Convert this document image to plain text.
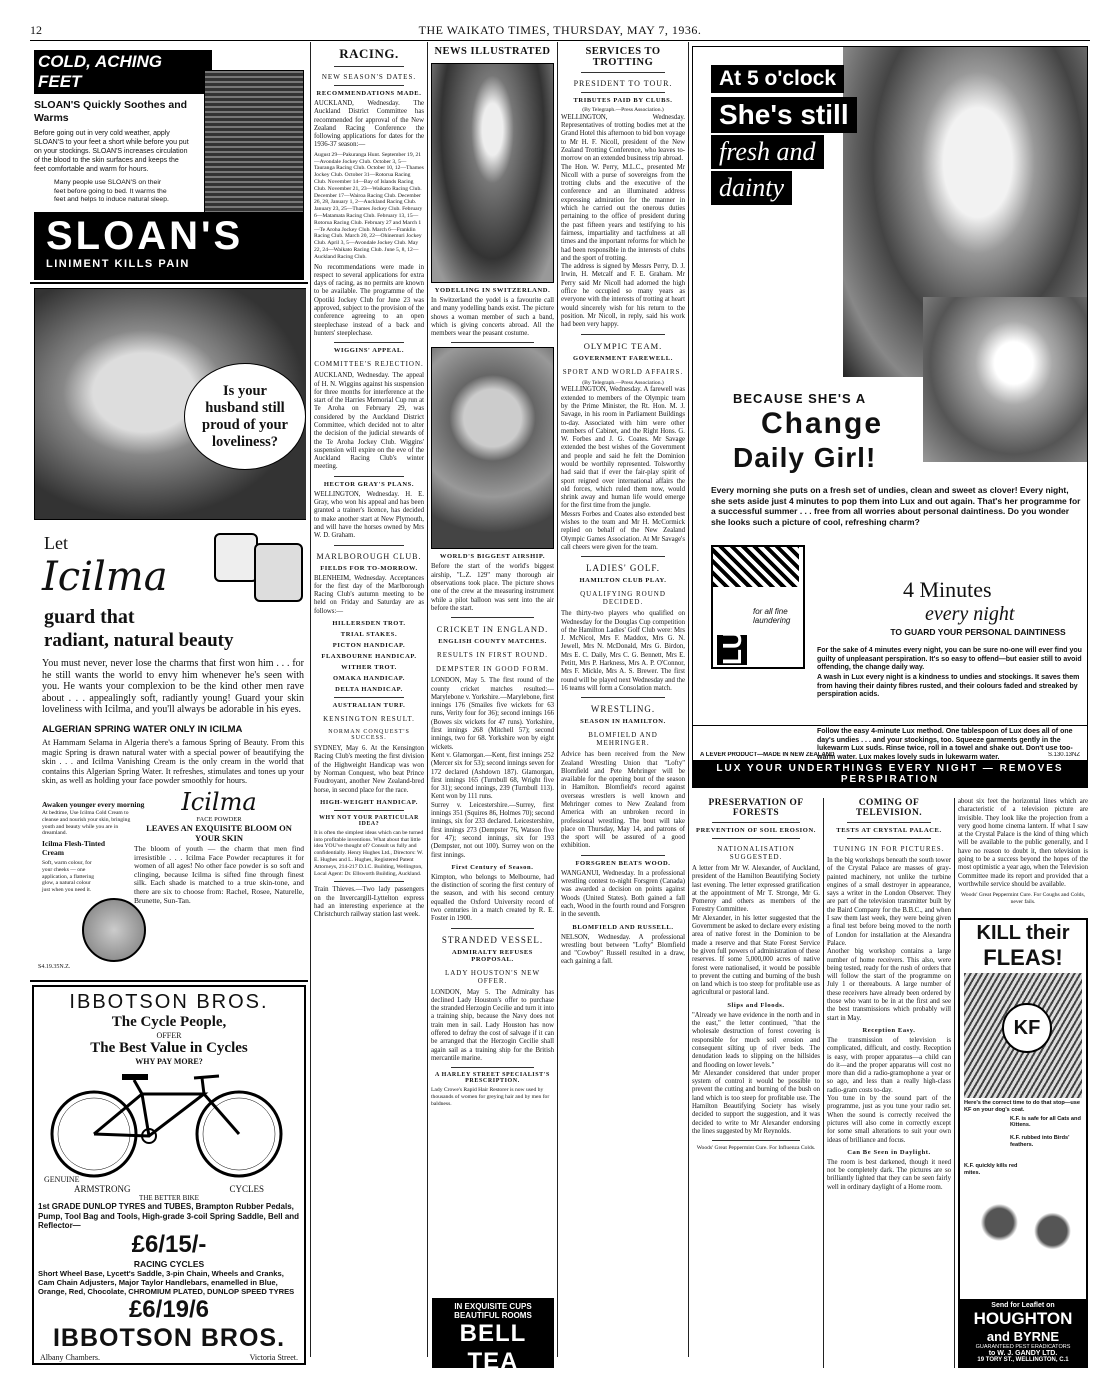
12	THE WAIKATO TIMES, THURSDAY, MAY 7, 1936.
COLD, ACHING FEET
SLOAN'S Quickly Soothes and Warms
Before going out in very cold weather, apply SLOAN'S to your feet a short while before you put on your stockings. SLOAN'S increases circulation of the blood to the skin surfaces and keeps the feet comfortable and warm for hours.
Many people use SLOAN'S on their feet before going to bed. It warms the feet and helps to induce natural sleep.
SLOAN'S
LINIMENT KILLS PAIN
Is your husband still proud of your loveliness?
Let
Icilma
guard that
radiant, natural beauty
You must never, never lose the charms that first won him . . . for he still wants the world to envy him whenever he's seen with you. He wants your complexion to be the kind other men rave about . . . appealingly soft, radiantly young! Guard your skin loveliness with Icilma, and you'll always be adorable in his eyes.
ALGERIAN SPRING WATER ONLY IN ICILMA
At Hammam Selama in Algeria there's a famous Spring of Beauty. From this magic Spring is drawn natural water with a special power of beautifying the skin . . . and Icilma Vanishing Cream is the only cream in the world that contains this Algerian Spring Water. It refreshes, stimulates and tones up your skin, as well as holding your face powder smoothly for hours.
Awaken younger every morning
At bedtime, Use Icilma Cold Cream to cleanse and nourish your skin, bringing youth and beauty while you are in dreamland.
Icilma Flesh-Tinted Cream
Soft, warm colour, for your cheeks — one application, a flattering glow, a natural colour just when you need it.
Icilma
FACE POWDER
LEAVES AN EXQUISITE BLOOM ON YOUR SKIN
The bloom of youth — the charm that men find irresistible . . . Icilma Face Powder recaptures it for women of all ages! No other face powder is so soft and clinging, because Icilma is sifted fine through finest silk. Each shade is matched to a true skin-tone, and there are six to choose from: Rachel, Rosee, Naturelle, Brunette, Sun-Tan.
S4.19.35N.Z.
IBBOTSON BROS.
The Cycle People,
OFFER
The Best Value in Cycles
WHY PAY MORE?
GENUINE
ARMSTRONG	CYCLES
THE BETTER BIKE
1st GRADE DUNLOP TYRES and TUBES, Brampton Rubber Pedals, Pump, Tool Bag and Tools, High-grade 3-coil Spring Saddle, Bell and Reflector—
£6/15/-
RACING CYCLES
Short Wheel Base, Lycett's Saddle, 3-pin Chain, Wheels and Cranks, Cam Chain Adjusters, Major Taylor Handlebars, enamelled in Blue, Orange, Red, Chocolate, CHROMIUM PLATED, DUNLOP SPEED TYRES
£6/19/6
IBBOTSON BROS.
Albany Chambers.	Victoria Street.
RACING.
NEW SEASON'S DATES.
RECOMMENDATIONS MADE.
AUCKLAND, Wednesday. The Auckland District Committee has recommended for approval of the New Zealand Racing Conference the following applications for dates for the 1936-37 season:—
August 29—Pakuranga Hunt. September 19, 21—Avondale Jockey Club. October 3, 5—Tauranga Racing Club. October 10, 12—Thames Jockey Club. October 31—Rotorua Racing Club. November 14—Bay of Islands Racing Club. November 21, 23—Waikato Racing Club. December 17—Wairoa Racing Club. December 26, 28, January 1, 2—Auckland Racing Club. January 23, 25—Thames Jockey Club. February 6—Matamata Racing Club. February 13, 15—Rotorua Racing Club. February 27 and March 1—Te Aroha Jockey Club. March 6—Franklin Racing Club. March 20, 22—Ohinemuri Jockey Club. April 3, 5—Avondale Jockey Club. May 22, 24—Waikato Racing Club. June 5, 8, 12—Auckland Racing Club.
No recommendations were made in respect to several applications for extra days of racing, as no permits are known to be available. The programme of the Opotiki Jockey Club for June 23 was approved, subject to the provision of the conference agreeing to an open steeplechase instead of a back and hunters' steeplechase.
WIGGINS' APPEAL.
COMMITTEE'S REJECTION.
AUCKLAND, Wednesday. The appeal of H. N. Wiggins against his suspension for three months for interference at the start of the Harries Memorial Cup run at Te Aroha on February 29, was considered by the Auckland District Committee, which decided not to alter the decision of the judicial stewards of the Te Aroha Jockey Club. Wiggins' suspension will expire on the eve of the Auckland Racing Club's winter meeting.
HECTOR GRAY'S PLANS.
WELLINGTON, Wednesday. H. E. Gray, who won his appeal and has been granted a trainer's licence, has decided to make another start at New Plymouth, and will have the horses owned by Mrs W. D. Graham.
MARLBOROUGH CLUB.
FIELDS FOR TO-MORROW.
BLENHEIM, Wednesday. Acceptances for the first day of the Marlborough Racing Club's autumn meeting to be held on Friday and Saturday are as follows:—
HILLERSDEN TROT.
TRIAL STAKES.
PICTON HANDICAP.
FLAXBOURNE HANDICAP.
WITHER TROT.
OMAKA HANDICAP.
DELTA HANDICAP.
AUSTRALIAN TURF.
KENSINGTON RESULT.
NORMAN CONQUEST'S SUCCESS.
SYDNEY, May 6. At the Kensington Racing Club's meeting the first division of the Highweight Handicap was won by Norman Conquest, who beat Prince Foudroyant, another New Zealand-bred horse, in second place for the race.
HIGH-WEIGHT HANDICAP.
WHY NOT YOUR PARTICULAR IDEA?
It is often the simplest ideas which can be turned into profitable inventions. What about that little idea YOU've thought of? Consult us fully and confidentially. Henry Hughes Ltd., Directors: W. E. Hughes and L. Hughes, Registered Patent Attorneys, 214-217 D.I.C. Building, Wellington, Local Agent: Dr. Ellsworth Building, Auckland.
Train Thieves.—Two lady passengers on the Invercargill-Lyttelton express had an interesting experience at the Christchurch railway station last week.
NEWS ILLUSTRATED
YODELLING IN SWITZERLAND.
In Switzerland the yodel is a favourite call and many yodelling bands exist. The picture shows a woman member of such a band, which is giving concerts abroad. All the members wear the peasant costume.
WORLD'S BIGGEST AIRSHIP.
Before the start of the world's biggest airship, "L.Z. 129" many thorough air observations took place. The picture shows one of the crew at the measuring instrument while a pilot balloon was sent into the air before the start.
CRICKET IN ENGLAND.
ENGLISH COUNTY MATCHES.
RESULTS IN FIRST ROUND.
DEMPSTER IN GOOD FORM.
LONDON, May 5. The first round of the county cricket matches resulted:— Marylebone v. Yorkshire.—Marylebone, first innings 176 (Smailes five wickets for 63 runs, Verity four for 36); second innings 166 (Bowes six wickets for 47 runs). Yorkshire, first innings 268 (Mitchell 57); second innings, two for 68. Yorkshire won by eight wickets.
Kent v. Glamorgan.—Kent, first innings 252 (Mercer six for 53); second innings seven for 172 declared (Ashdown 187). Glamorgan, first innings 165 (Turnbull 68, Wright five for 31); second innings, 239 (Turnbull 113). Kent won by 111 runs.
Surrey v. Leicestershire.—Surrey, first innings 351 (Squires 86, Holmes 70); second innings, six for 233 declared. Leicestershire, first innings 273 (Dempster 76, Watson five for 47); second innings, six for 193 (Dempster, not out 100). Surrey won on the first innings.
First Century of Season.
Kimpton, who belongs to Melbourne, had the distinction of scoring the first century of the season, and with his second century equalled the Oxford University record of two centuries in a match created by R. E. Foster in 1900.
STRANDED VESSEL.
ADMIRALTY REFUSES PROPOSAL.
LADY HOUSTON'S NEW OFFER.
LONDON, May 5. The Admiralty has declined Lady Houston's offer to purchase the stranded Herzogin Cecilie and turn it into a training ship, because the Navy does not train men in sail. Lady Houston has now offered to defray the cost of salvage if it can be arranged that the Herzogin Cecilie shall again sail as a training ship for the British mercantile marine.
A HARLEY STREET SPECIALIST'S PRESCRIPTION.
Lady Crowe's Rapid Hair Restorer is now used by thousands of women for greying hair and by men for baldness.
IN EXQUISITE CUPS
BEAUTIFUL ROOMS
BELL TEA
SERVICES TO TROTTING
PRESIDENT TO TOUR.
TRIBUTES PAID BY CLUBS.
(By Telegraph.—Press Association.)
WELLINGTON, Wednesday. Representatives of trotting bodies met at the Grand Hotel this afternoon to bid bon voyage to Mr H. F. Nicoll, president of the New Zealand Trotting Conference, who leaves to-morrow on an extended business trip abroad.
The Hon. W. Perry, M.L.C., presented Mr Nicoll with a purse of sovereigns from the trotting clubs and the executive of the conference and an illuminated address expressing admiration for the manner in which he carried out the onerous duties pertaining to the office of president during the past fifteen years and testifying to his fairness, impartiality and tactfulness at all times and the important reforms for which he had been responsible in the interests of clubs and the sport of trotting.
The address is signed by Messrs Perry, D. J. Irwin, H. Metcalf and F. E. Graham. Mr Perry said Mr Nicoll had adorned the high office he occupied so many years as everyone with the interests of trotting at heart would sincerely wish for his return to the position. Mr Nicoll, in reply, said his work had been very happy.
OLYMPIC TEAM.
GOVERNMENT FAREWELL.
SPORT AND WORLD AFFAIRS.
(By Telegraph.—Press Association.)
WELLINGTON, Wednesday. A farewell was extended to members of the Olympic team by the Prime Minister, the Rt. Hon. M. J. Savage, in his room in Parliament Buildings to-day. Associated with him were other members of Cabinet, and the Right Hons. G. W. Forbes and J. G. Coates. Mr Savage extended the best wishes of the Government and people and said he felt the Dominion would be worthily represented. Tolsworthy had said that if ever the fair-play spirit of sport reigned over international affairs the old forces, which ruled them now, would shrink away and human life would emerge for the first time from the jungle.
Messrs Forbes and Coates also extended best wishes to the team and Mr H. McCormick replied on behalf of the New Zealand Olympic Games Association. At Mr Savage's call cheers were given for the team.
LADIES' GOLF.
HAMILTON CLUB PLAY.
QUALIFYING ROUND DECIDED.
The thirty-two players who qualified on Wednesday for the Douglas Cup competition of the Hamilton Ladies' Golf Club were: Mrs J. McNicol, Mrs F. Maddox, Mrs G. N. Jewell, Mrs N. McDonald, Mrs G. Birdon, Mrs E. C. Daily, Mrs C. G. Bennett, Mrs E. Petitt, Mrs P. Harkness, Mrs A. P. O'Connor, Mrs F. Mickle, Mrs A. S. Brewer. The first round will be played next Wednesday and the 16 teams will form a Consolation match.
WRESTLING.
SEASON IN HAMILTON.
BLOMFIELD AND MEHRINGER.
Advice has been received from the New Zealand Wrestling Union that "Lofty" Blomfield and Pete Mehringer will be available for the opening bout of the season in Hamilton. Blomfield's record against overseas wrestlers is well known and Mehringer comes to New Zealand from America with an unbroken record in professional wrestling. The bout will take place on Thursday, May 14, and patrons of the sport will be assured of a good exhibition.
FORSGREN BEATS WOOD.
WANGANUI, Wednesday. In a professional wrestling contest to-night Forsgren (Canada) was awarded a decision on points against Woods (United States). Both gained a fall each, Wood in the fourth round and Forsgren in the seventh.
BLOMFIELD AND RUSSELL.
NELSON, Wednesday. A professional wrestling bout between "Lofty" Blomfield and "Cowboy" Russell resulted in a draw, each gaining a fall.
At 5 o'clock
She's still
fresh and
dainty
BECAUSE SHE'S A
Change
Daily Girl!
Every morning she puts on a fresh set of undies, clean and sweet as clover! Every night, she sets aside just 4 minutes to pop them into Lux and out again. That's her programme for a successful summer . . . free from all worries about personal daintiness. Do you wonder she looks such a picture of cool, refreshing charm?
LUX
for all fine laundering
4 Minutes
every night
TO GUARD YOUR PERSONAL DAINTINESS
For the sake of 4 minutes every night, you can be sure no-one will ever find you guilty of unpleasant perspiration. It's so easy to offend—but easier still to avoid offending, the change daily way.
A wash in Lux every night is a kindness to undies and stockings. It saves them from having their dainty fibres rusted, and their colours faded and streaked by perspiration acids.
Follow the easy 4-minute Lux method. One tablespoon of Lux does all of one day's undies . . . and your stockings, too. Squeeze garments gently in the lukewarm Lux suds. Rinse twice, roll in a towel and shake out. Don't use too-warm water. Lux makes lovely suds in lukewarm water.
A LEVER PRODUCT—MADE IN NEW ZEALAND	S.130.13NZ
LUX YOUR UNDERTHINGS EVERY NIGHT — REMOVES PERSPIRATION
PRESERVATION OF FORESTS
PREVENTION OF SOIL EROSION.
NATIONALISATION SUGGESTED.
A letter from Mr W. Alexander, of Auckland, president of the Hamilton Beautifying Society last evening. The letter expressed gratification at the appointment of Mr T. Stronge, Mr G. Pomeroy and others as members of the Forestry Committee.
Mr Alexander, in his letter suggested that the Government be asked to declare every existing area of native forest in the Dominion to be made a reserve and that State Forest Service be given full powers of administration of these reserves. If some 5,000,000 acres of native forest were nationalised, it would be possible to prevent the cutting and burning of the bush on land which is too steep for profitable use as agricultural or pastoral land.
Slips and Floods.
"Already we have evidence in the north and in the east," the letter continued, "that the wholesale destruction of forest covering is responsible for much soil erosion and consequent silting up of river beds. The denudation leads to slipping on the hillsides and flooding on lower levels."
Mr Alexander considered that under proper system of control it would be possible to prevent the cutting and burning of the bush on land which is too steep for profitable use. The Hamilton Beautifying Society has wisely decided to support the suggestion, and it was decided to write to Mr Alexander endorsing the lines suggested by Mr Reynolds.
Woods' Great Peppermint Cure. For Influenza Colds.
COMING OF TELEVISION.
TESTS AT CRYSTAL PALACE.
TUNING IN FOR PICTURES.
In the big workshops beneath the south tower of the Crystal Palace are masses of gray-painted machinery, not unlike the turbine engines of a small destroyer in appearance, says a writer in the London Observer. They are part of the television transmitter built by the Baird Company for the B.B.C., and when I saw them last week, they were being given a final test before being moved to the north of London for installation at the Alexandra Palace.
Another big workshop contains a large number of home receivers. This also, were being tested, ready for the rush of orders that will follow the start of the programme on July 1 or thereabouts. A large number of these receivers have already been ordered by those who want to be in at the first and see the best transmissions which probably will start in May.
Reception Easy.
The transmission of television is complicated, difficult, and costly. Reception is easy, with proper apparatus—a child can do it—and the proper apparatus will cost no more than did a radio-gramophone a year or so ago, and less than a really high-class radio-gram costs to-day.
You tune in by the sound part of the programme, just as you tune your radio set. When the sound is correctly received the pictures will also come in correctly except for some small alterations to suit your own ideas of brilliance and focus.
Can Be Seen in Daylight.
The room is best darkened, though it need not be completely dark. The pictures are so brilliantly lighted that they can be seen fairly well in ordinary daylight of a Home room.
about six feet the horizontal lines which are characteristic of a television picture are invisible. They look like the projection from a very good home cinema lantern. If what I saw at the Crystal Palace is the kind of thing which will be available to the public generally, and I have no reason to doubt it, then television is going to be a success beyond the hopes of the most optimistic a year ago, when the Television Committee made its report and provided that a worthwhile service should be available.
Woods' Great Peppermint Cure. For Coughs and Colds, never fails.
KILL their
FLEAS!
KF
Here's the correct time to do that stop—use KF on your dog's coat.
K.F. is safe for all Cats and Kittens.
K.F. rubbed into Birds' feathers.
K.F. quickly kills red mites.
Send for Leaflet on
HOUGHTON
and BYRNE
GUARANTEED PEST ERADICATORS
to W. J. GANDY LTD.
19 TORY ST., WELLINGTON, C.1
